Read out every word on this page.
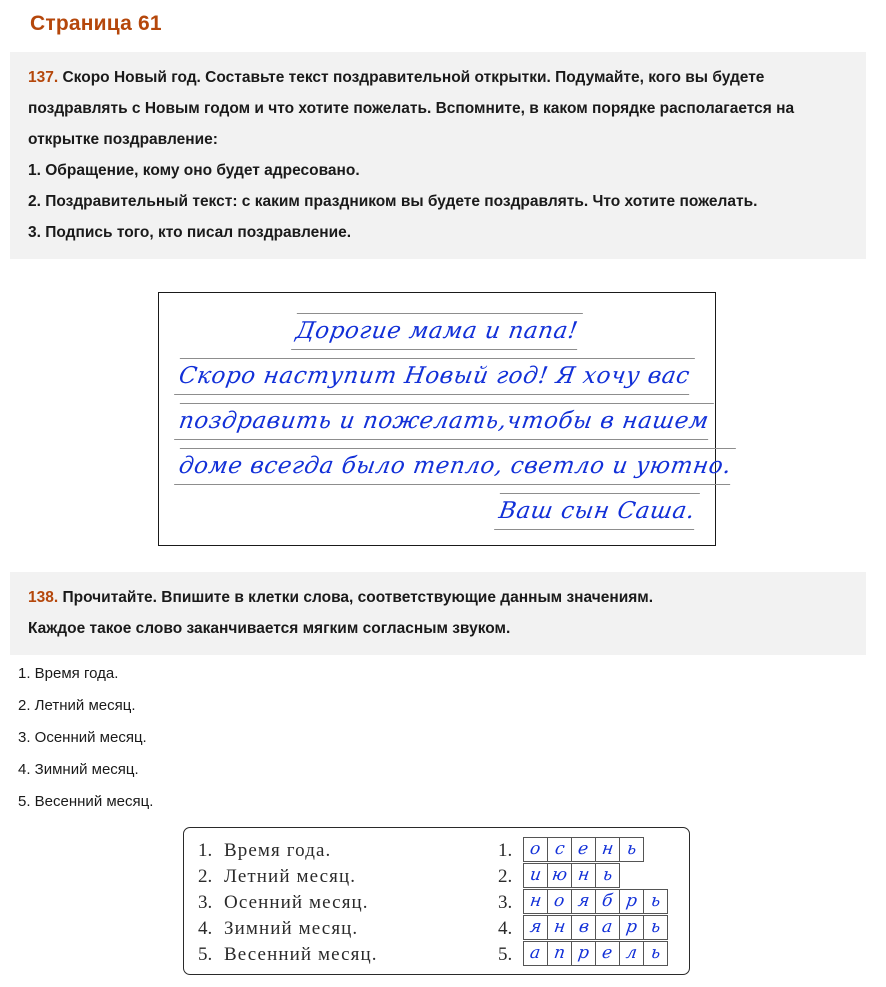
Страница 61
137. Скоро Новый год. Составьте текст поздравительной открытки. Подумайте, кого вы будете поздравлять с Новым годом и что хотите пожелать. Вспомните, в каком порядке располагается на открытке поздравление:
1. Обращение, кому оно будет адресовано.
2. Поздравительный текст: с каким праздником вы будете поздравлять. Что хотите пожелать.
3. Подпись того, кто писал поздравление.
Дорогие мама и папа!
Скоро наступит Новый год! Я хочу вас
поздравить и пожелать,чтобы в нашем
доме всегда было тепло, светло и уютно.
Ваш сын Саша.
138. Прочитайте. Впишите в клетки слова, соответствующие данным значениям.
Каждое такое слово заканчивается мягким согласным звуком.
1. Время года.
2. Летний месяц.
3. Осенний месяц.
4. Зимний месяц.
5. Весенний месяц.
1. Время года.
2. Летний месяц.
3. Осенний месяц.
4. Зимний месяц.
5. Весенний месяц.
1. о с е н ь
2. и ю н ь
3. н о я б р ь
4. я н в а р ь
5. а п р е л ь
